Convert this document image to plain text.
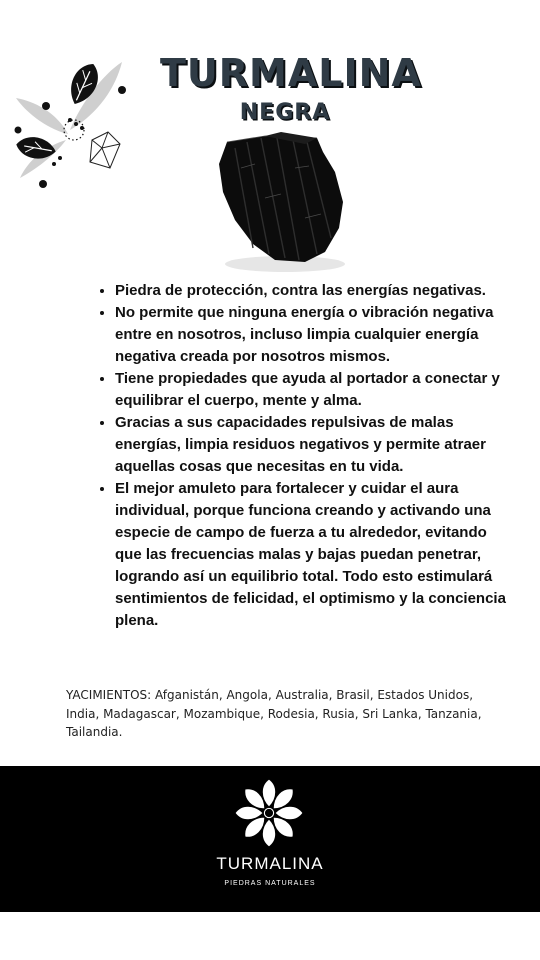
TURMALINA
NEGRA
• Piedra de protección, contra las energías negativas.
• No permite que ninguna energía o vibración negativa entre en nosotros, incluso limpia cualquier energía negativa creada por nosotros mismos.
• Tiene propiedades que ayuda al portador a conectar y equilibrar el cuerpo, mente y alma.
• Gracias a sus capacidades repulsivas de malas energías, limpia residuos negativos y permite atraer aquellas cosas que necesitas en tu vida.
• El mejor amuleto para fortalecer y cuidar el aura individual, porque funciona creando y activando una especie de campo de fuerza a tu alrededor, evitando que las frecuencias malas y bajas puedan penetrar, logrando así un equilibrio total. Todo esto estimulará sentimientos de felicidad, el optimismo y la conciencia plena.

YACIMIENTOS: Afganistán, Angola, Australia, Brasil, Estados Unidos, India, Madagascar, Mozambique, Rodesia, Rusia, Sri Lanka, Tanzania, Tailandia.

TURMALINA
PIEDRAS NATURALES
